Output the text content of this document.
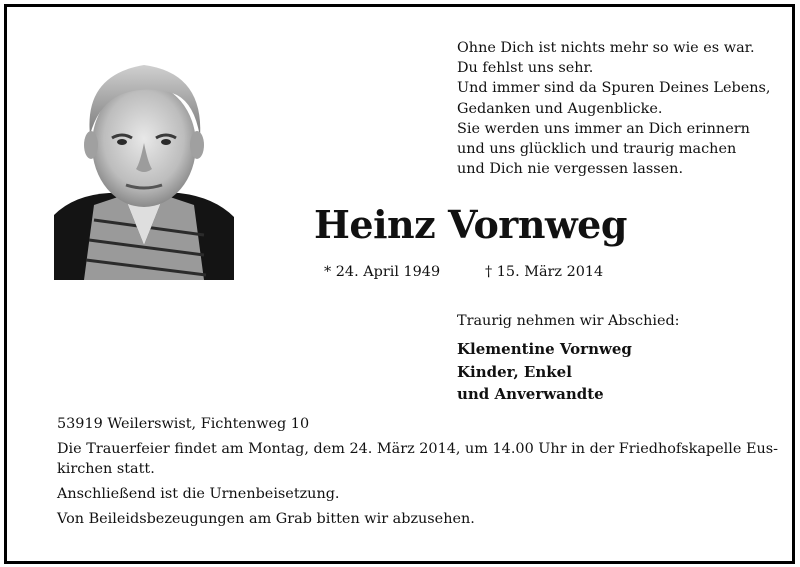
Ohne Dich ist nichts mehr so wie es war.
Du fehlst uns sehr.
Und immer sind da Spuren Deines Lebens,
Gedanken und Augenblicke.
Sie werden uns immer an Dich erinnern
und uns glücklich und traurig machen
und Dich nie vergessen lassen.
Heinz Vornweg
* 24. April 1949	† 15. März 2014
Traurig nehmen wir Abschied:
Klementine Vornweg
Kinder, Enkel
und Anverwandte
53919 Weilerswist, Fichtenweg 10
Die Trauerfeier findet am Montag, dem 24. März 2014, um 14.00 Uhr in der Friedhofskapelle Eus-
kirchen statt.
Anschließend ist die Urnenbeisetzung.
Von Beileidsbezeugungen am Grab bitten wir abzusehen.
